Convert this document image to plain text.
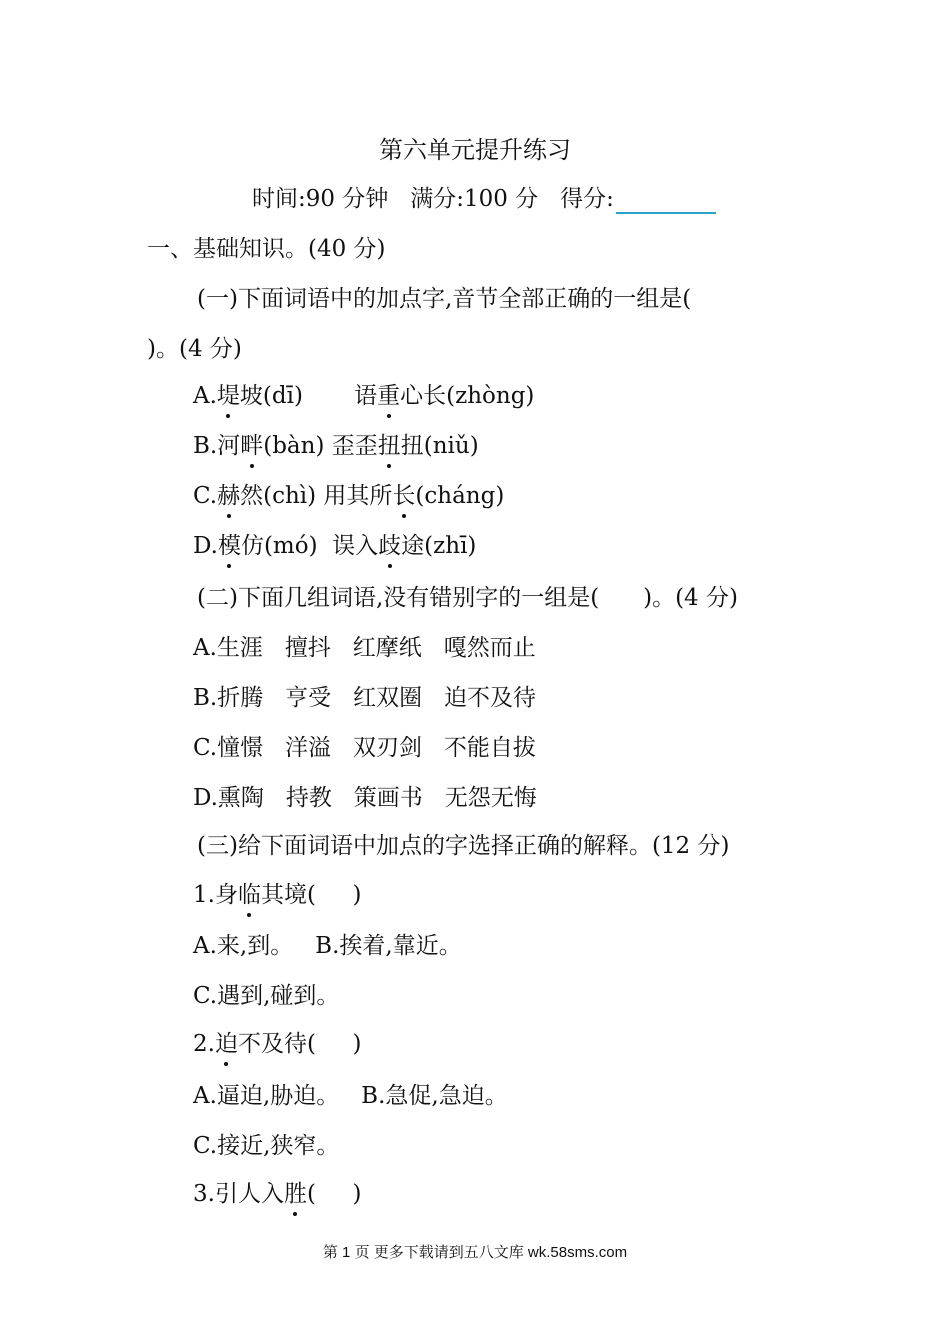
第六单元提升练习
时间:90 分钟 满分:100 分 得分:
一、基础知识。(40 分)
(一)下面词语中的加点字,音节全部正确的一组是(
)。(4 分)
A.堤坡(dī)       语重心长(zhòng)
B.河畔(bàn) 歪歪扭扭(niǔ)
C.赫然(chì) 用其所长(cháng)
D.模仿(mó)  误入歧途(zhī)
(二)下面几组词语,没有错别字的一组是(      )。(4 分)
A.生涯   擅抖   红摩纸   嘎然而止
B.折腾   亨受   红双圈   迫不及待
C.憧憬   洋溢   双刃剑   不能自拔
D.熏陶   持教   策画书   无怨无悔
(三)给下面词语中加点的字选择正确的解释。(12 分)
1.身临其境(     )
A.来,到。   B.挨着,靠近。
C.遇到,碰到。
2.迫不及待(     )
A.逼迫,胁迫。   B.急促,急迫。
C.接近,狭窄。
3.引人入胜(     )
第 1 页 更多下载请到五八文库 wk.58sms.com
